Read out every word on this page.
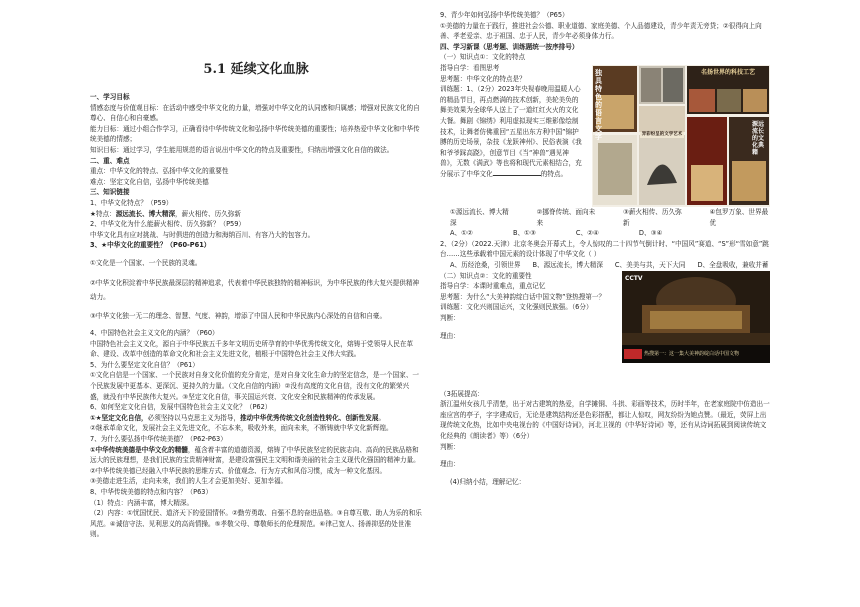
5.1 延续文化血脉

一、学习目标

情感态度与价值观目标：在活动中感受中华文化的力量，增强对中华文化的认同感和归属感；增强对民族文化的自尊心、自信心和自豪感。

能力目标：通过小组合作学习，正确看待中华传统文化和弘扬中华传统美德的重要性；培养热爱中华文化和中华传统美德的情感；

知识目标：通过学习，学生能用规范的语言说出中华文化的特点及重要性，归纳出增强文化自信的做法。

二、重、难点

重点：中华文化的特点、弘扬中华文化的重要性

难点：坚定文化自信，弘扬中华传统美德

三、知识链接

1、中华文化特点？（P59）

★特点：源远流长、博大精深，薪火相传、历久弥新

2、中华文化为什么能薪火相传、历久弥新？（P59）

中华文化具有应对挑战、与时俱进的创造力和海纳百川、有容乃大的包容力。

3、★中华文化的重要性？（P60-P61）

①文化是一个国家、一个民族的灵魂。

②中华文化积淀着中华民族最深层的精神追求，代表着中华民族独特的精神标识，为中华民族的伟大复兴提供精神动力。

③中华文化独一无二的理念、智慧、气度、神韵，增添了中国人民和中华民族内心深处的自信和自豪。

4、中国特色社会主义文化的内涵？（P60）

中国特色社会主义文化，源自于中华民族五千多年文明历史所孕育的中华优秀传统文化，熔铸于党领导人民在革命、建设、改革中创造的革命文化和社会主义先进文化，植根于中国特色社会主义伟大实践。

5、为什么要坚定文化自信？（P61）

①文化自信是一个国家、一个民族对自身文化价值的充分肯定，是对自身文化生命力的坚定信念，是一个国家、一个民族发展中更基本、更深沉、更持久的力量。（文化自信的内涵）②没有高度的文化自信，没有文化的繁荣兴盛，就没有中华民族伟大复兴。③坚定文化自信，事关国运兴衰、文化安全和民族精神的传承发展。

6、如何坚定文化自信，发展中国特色社会主义文化？（P62）

①★坚定文化自信，必须坚持以马克思主义为指导，推动中华优秀传统文化创造性转化、创新性发展。

②继承革命文化，发展社会主义先进文化，不忘本来，吸收外来，面向未来，不断铸就中华文化新辉煌。

7、为什么要弘扬中华传统美德？（P62-P63）

①中华传统美德是中华文化的精髓，蕴含着丰富的道德资源，熔铸了中华民族坚定的民族志向、高尚的民族品格和远大的民族理想，是我们民族的宝贵精神财富，是建设富强民主文明和谐美丽的社会主义现代化强国的精神力量。

②中华传统美德已经融入中华民族的思维方式、价值观念、行为方式和风俗习惯，成为一种文化基因。

③美德走进生活，走向未来，我们的人生才会更加美好、更加幸福。

8、中华传统美德的特点和内容？（P63）

（1）特点：内涵丰富，博大精深。

（2）内容：①忧国忧民、道济天下的爱国情怀。②勤劳勇敢、自强不息的奋进品格。③自尊互敬、助人为乐的和乐风范。④诚信守法、见利思义的高尚情操。⑤孝敬父母、尊敬师长的伦理规范。⑥律己宽人、扬善抑恶的处世准则。

9、青少年如何弘扬中华传统美德？（P65）

①美德的力量在于践行，推进社会公德、职业道德、家庭美德、个人品德建设，青少年责无旁贷；②很得向上向善、孝老爱亲、忠于祖国、忠于人民，青少年必须身体力行。

四、学习新课（思考题、训练题统一按序排号）

（一）知识点①：文化的特点

指导自学：看图思考

思考题：中华文化的特点是？

训练题：1、（2分）2023年央视春晚用温暖人心的精品节目，再点燃满的技术创新，美轮美奂的舞美效果为全球华人送上了一道红红火火的文化大餐。舞剧《锦绣》利用虚拟现实三维影像绘制技术，让舞者仿佛重回“五星出东方利中国”锦护膊的历史场景，杂技《龙跃神州》、民俗表演《我和爷爷踩高跷》，创意节目《当“神兽”遇见神兽》，无数《满武》等也将和现代元素相结合，充分展示了中华文化	的特点。

独具特色的语言文字	异彩纷呈的文学艺术
名扬世界的科技工艺
源远流长的文化典籍
①源远流长、博大精深
②挪脊传统、面向未来
③薪火相传、历久弥新
④包罗万象、世界最优
A、①②	B、①③	C、②④	D、③④

2、（2分）（2022.天津）北京冬奥会开幕式上，令人惊叹的二十四节气倒计时、“中国风”赛道、“S”形“雪如意”跳台……这些承载着中国元素的设计体现了中华文化（ ）

A、历经沧桑，引领世界 B、源远流长，博大精深 C、美美与共，天下大同 D、全盘吸收，兼收并蓄

（二）知识点②：文化的重要性

指导自学：本课时重难点，重点记忆

思考题：为什么“大美神韵绽白话中国文物”登热搜第一？

训练题：文化兴则国运兴，文化强则民族强。（6分）

判断：

理由：

CCTV
热搜第一：这一集大美神韵绽白话中国文物

（3拓展提高：

浙江温州女孩几乎清楚，出于对古建筑的热爱，自学摊铜、斗拱、彩画等技术，历时半年，在老家庭院中仿造出一座应宫的亭子，字字建成后，无论是建筑结构还是色彩搭配，都让人惊叹，网友纷纷为她点赞。（最近，荧屏上出现传统文化热，比如中央电视台的《中国好诗词》，河北卫视的《中华好诗词》等，还有从诗词拓展到阅读传统文化经典的《朗读者》等）（6分）

判断：

理由：

(4)归纳小结，理解记忆：
